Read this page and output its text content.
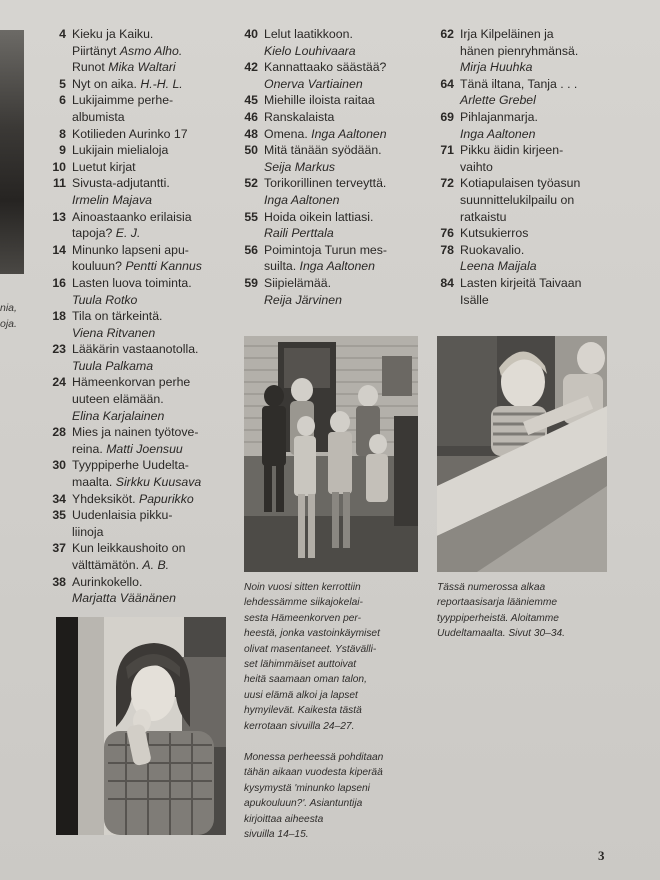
nia,
oja.
4 Kieku ja Kaiku.
Piirtänyt Asmo Alho.
Runot Mika Waltari
5 Nyt on aika. H.-H. L.
6 Lukijaimme perhe-
albumista
8 Kotilieden Aurinko 17
9 Lukijain mielialoja
10 Luetut kirjat
11 Sivusta-adjutantti.
Irmelin Majava
13 Ainoastaanko erilaisia
tapoja? E. J.
14 Minunko lapseni apu-
kouluun? Pentti Kannus
16 Lasten luova toiminta.
Tuula Rotko
18 Tila on tärkeintä.
Viena Ritvanen
23 Lääkärin vastaanotolla.
Tuula Palkama
24 Hämeenkorvan perhe
uuteen elämään.
Elina Karjalainen
28 Mies ja nainen työtove-
reina. Matti Joensuu
30 Tyyppiperhe Uudelta-
maalta. Sirkku Kuusava
34 Yhdeksiköt. Papurikko
35 Uudenlaisia pikku-
liinoja
37 Kun leikkaushoito on
välttämätön. A. B.
38 Aurinkokello.
Marjatta Väänänen
40 Lelut laatikkoon.
Kielo Louhivaara
42 Kannattaako säästää?
Onerva Vartiainen
45 Miehille iloista raitaa
46 Ranskalaista
48 Omena. Inga Aaltonen
50 Mitä tänään syödään.
Seija Markus
52 Torikorillinen terveyttä.
Inga Aaltonen
55 Hoida oikein lattiasi.
Raili Perttala
56 Poimintoja Turun mes-
suilta. Inga Aaltonen
59 Siipielämää.
Reija Järvinen
62 Irja Kilpeläinen ja
hänen pienryhmänsä.
Mirja Huuhka
64 Tänä iltana, Tanja . . .
Arlette Grebel
69 Pihlajanmarja.
Inga Aaltonen
71 Pikku äidin kirjeen-
vaihto
72 Kotiapulaisen työasun
suunnittelukilpailu on
ratkaistu
76 Kutsukierros
78 Ruokavalio.
Leena Maijala
84 Lasten kirjeitä Taivaan
Isälle
Noin vuosi sitten kerrottiin
lehdessämme siikajokelai-
sesta Hämeenkorven per-
heestä, jonka vastoinkäymiset
olivat masentaneet. Ystävälli-
set lähimmäiset auttoivat
heitä saamaan oman talon,
uusi elämä alkoi ja lapset
hymyilevät. Kaikesta tästä
kerrotaan sivuilla 24–27.
Tässä numerossa alkaa
reportaasisarja lääniemme
tyyppiperheistä. Aloitamme
Uudeltamaalta. Sivut 30–34.
Monessa perheessä pohditaan
tähän aikaan vuodesta kiperää
kysymystä 'minunko lapseni
apukouluun?'. Asiantuntija
kirjoittaa aiheesta
sivuilla 14–15.
3
